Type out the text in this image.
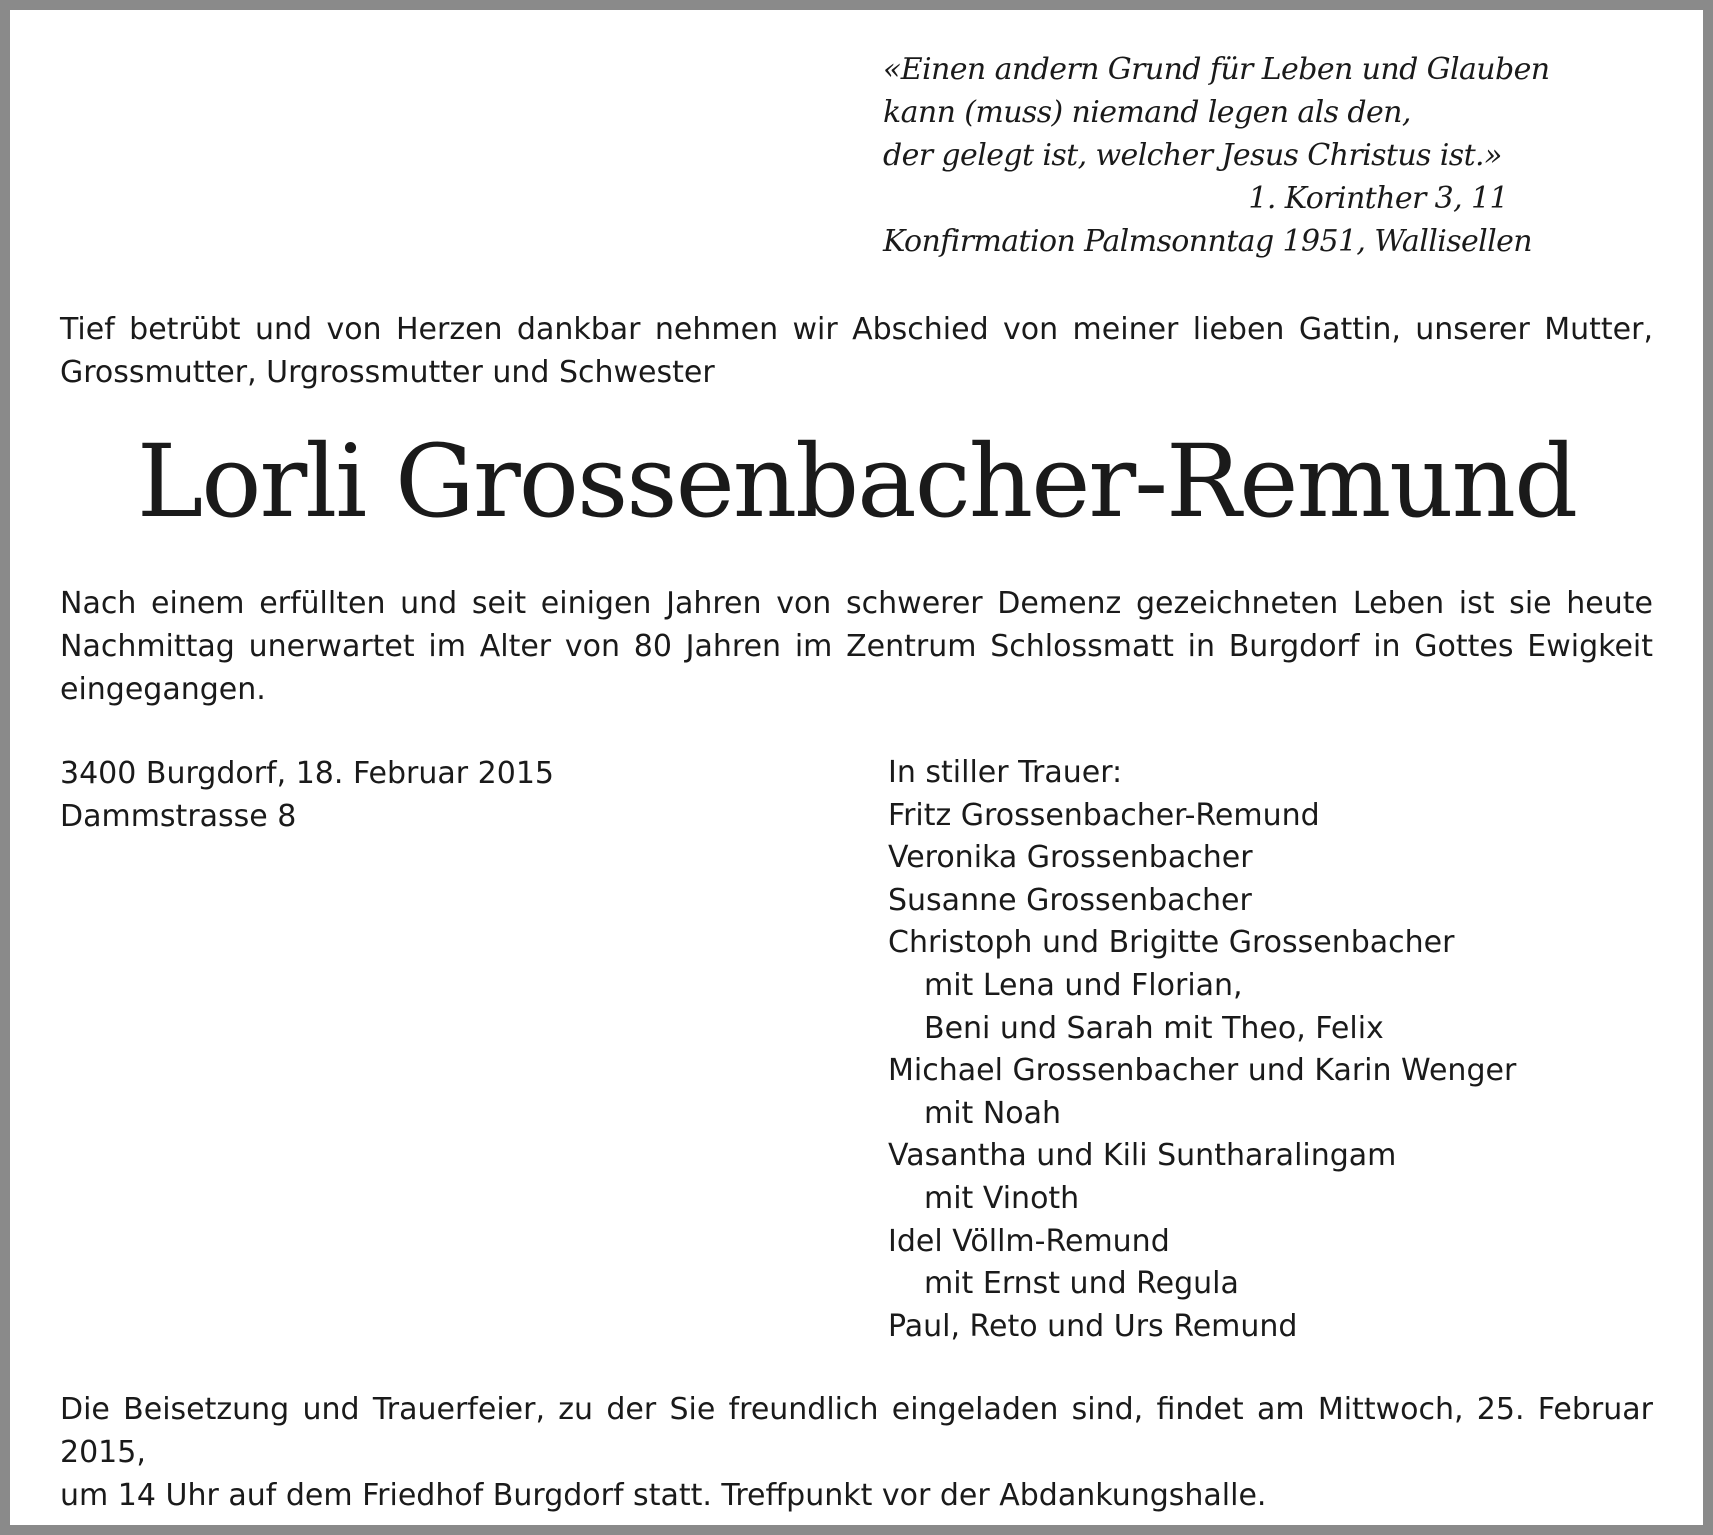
«Einen andern Grund für Leben und Glauben
kann (muss) niemand legen als den,
der gelegt ist, welcher Jesus Christus ist.»
1. Korinther 3, 11
Konfirmation Palmsonntag 1951, Wallisellen
Tief betrübt und von Herzen dankbar nehmen wir Abschied von meiner lieben Gattin, unserer Mutter,
Grossmutter, Urgrossmutter und Schwester
Lorli Grossenbacher-Remund
Nach einem erfüllten und seit einigen Jahren von schwerer Demenz gezeichneten Leben ist sie heute
Nachmittag unerwartet im Alter von 80 Jahren im Zentrum Schlossmatt in Burgdorf in Gottes Ewigkeit
eingegangen.
3400 Burgdorf, 18. Februar 2015
Dammstrasse 8
In stiller Trauer:
Fritz Grossenbacher-Remund
Veronika Grossenbacher
Susanne Grossenbacher
Christoph und Brigitte Grossenbacher
mit Lena und Florian,
Beni und Sarah mit Theo, Felix
Michael Grossenbacher und Karin Wenger
mit Noah
Vasantha und Kili Suntharalingam
mit Vinoth
Idel Völlm-Remund
mit Ernst und Regula
Paul, Reto und Urs Remund
Die Beisetzung und Trauerfeier, zu der Sie freundlich eingeladen sind, findet am Mittwoch, 25. Februar 2015,
um 14 Uhr auf dem Friedhof Burgdorf statt. Treffpunkt vor der Abdankungshalle.
